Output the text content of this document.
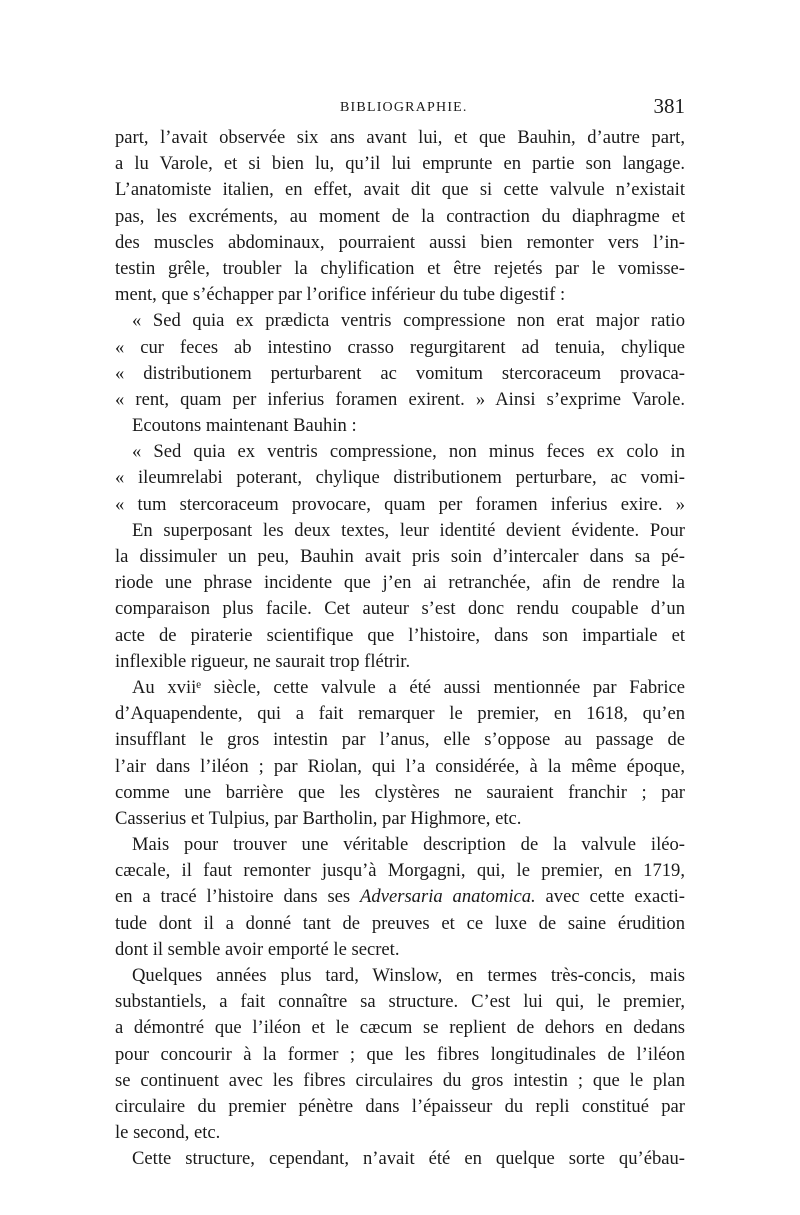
BIBLIOGRAPHIE.	381
part, l’avait observée six ans avant lui, et que Bauhin, d’autre part,
a lu Varole, et si bien lu, qu’il lui emprunte en partie son langage.
L’anatomiste italien, en effet, avait dit que si cette valvule n’existait
pas, les excréments, au moment de la contraction du diaphragme et
des muscles abdominaux, pourraient aussi bien remonter vers l’in-
testin grêle, troubler la chylification et être rejetés par le vomisse-
ment, que s’échapper par l’orifice inférieur du tube digestif :
« Sed quia ex prædicta ventris compressione non erat major ratio
« cur feces ab intestino crasso regurgitarent ad tenuia, chylique
« distributionem perturbarent ac vomitum stercoraceum provaca-
« rent, quam per inferius foramen exirent. » Ainsi s’exprime Varole.
Ecoutons maintenant Bauhin :
« Sed quia ex ventris compressione, non minus feces ex colo in
« ileumrelabi poterant, chylique distributionem perturbare, ac vomi-
« tum stercoraceum provocare, quam per foramen inferius exire. »
En superposant les deux textes, leur identité devient évidente. Pour
la dissimuler un peu, Bauhin avait pris soin d’intercaler dans sa pé-
riode une phrase incidente que j’en ai retranchée, afin de rendre la
comparaison plus facile. Cet auteur s’est donc rendu coupable d’un
acte de piraterie scientifique que l’histoire, dans son impartiale et
inflexible rigueur, ne saurait trop flétrir.
Au xviiᵉ siècle, cette valvule a été aussi mentionnée par Fabrice
d’Aquapendente, qui a fait remarquer le premier, en 1618, qu’en
insufflant le gros intestin par l’anus, elle s’oppose au passage de
l’air dans l’iléon ; par Riolan, qui l’a considérée, à la même époque,
comme une barrière que les clystères ne sauraient franchir ; par
Casserius et Tulpius, par Bartholin, par Highmore, etc.
Mais pour trouver une véritable description de la valvule iléo-
cæcale, il faut remonter jusqu’à Morgagni, qui, le premier, en 1719,
en a tracé l’histoire dans ses Adversaria anatomica. avec cette exacti-
tude dont il a donné tant de preuves et ce luxe de saine érudition
dont il semble avoir emporté le secret.
Quelques années plus tard, Winslow, en termes très-concis, mais
substantiels, a fait connaître sa structure. C’est lui qui, le premier,
a démontré que l’iléon et le cæcum se replient de dehors en dedans
pour concourir à la former ; que les fibres longitudinales de l’iléon
se continuent avec les fibres circulaires du gros intestin ; que le plan
circulaire du premier pénètre dans l’épaisseur du repli constitué par
le second, etc.
Cette structure, cependant, n’avait été en quelque sorte qu’ébau-
